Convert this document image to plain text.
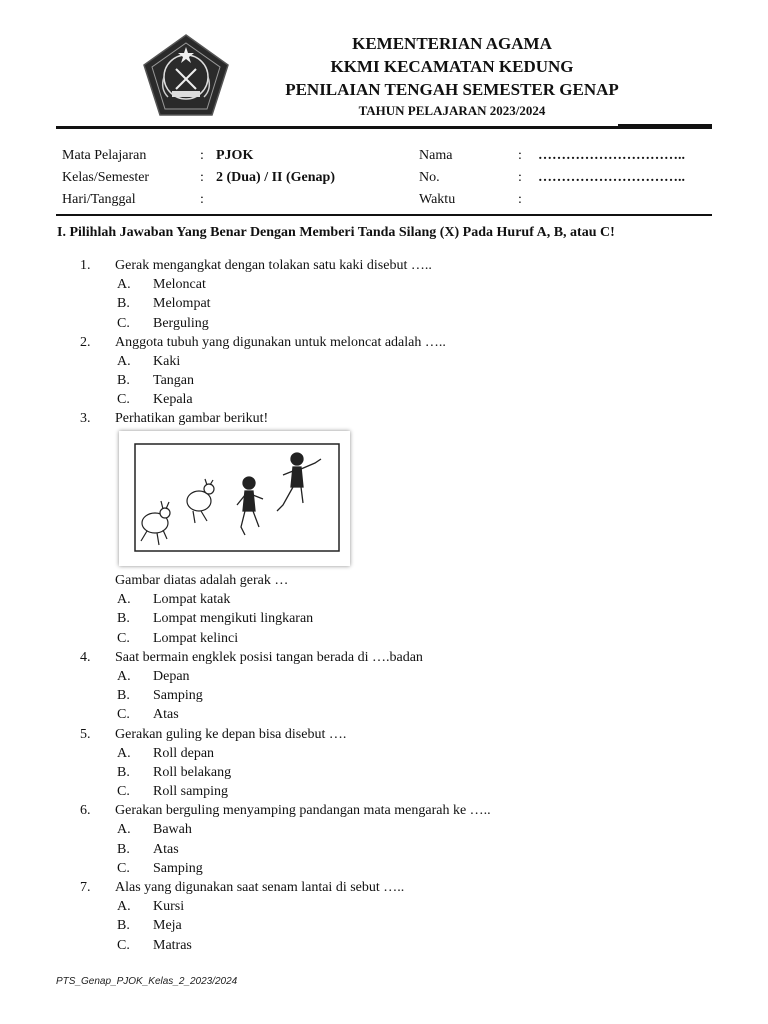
KEMENTERIAN AGAMA
KKMI KECAMATAN KEDUNG
PENILAIAN TENGAH SEMESTER GENAP
TAHUN PELAJARAN 2023/2024
Mata Pelajaran
Kelas/Semester
Hari/Tanggal
:
:
:
PJOK
2 (Dua) / II (Genap)

Nama
No.
Waktu
:
:
:
…………………………..
…………………………..

I. Pilihlah Jawaban Yang Benar Dengan Memberi Tanda Silang (X) Pada Huruf A, B, atau C!
1. Gerak mengangkat dengan tolakan satu kaki disebut …..
A. Meloncat
B. Melompat
C. Berguling
2. Anggota tubuh yang digunakan untuk meloncat adalah …..
A. Kaki
B. Tangan
C. Kepala
3. Perhatikan gambar berikut!
Gambar diatas adalah gerak …
A. Lompat katak
B. Lompat mengikuti lingkaran
C. Lompat kelinci
4. Saat bermain engklek posisi tangan berada di ….badan
A. Depan
B. Samping
C. Atas
5. Gerakan guling ke depan bisa disebut ….
A. Roll depan
B. Roll belakang
C. Roll samping
6. Gerakan berguling menyamping pandangan mata mengarah ke …..
A. Bawah
B. Atas
C. Samping
7. Alas yang digunakan saat senam lantai di sebut …..
A. Kursi
B. Meja
C. Matras
PTS_Genap_PJOK_Kelas_2_2023/2024
